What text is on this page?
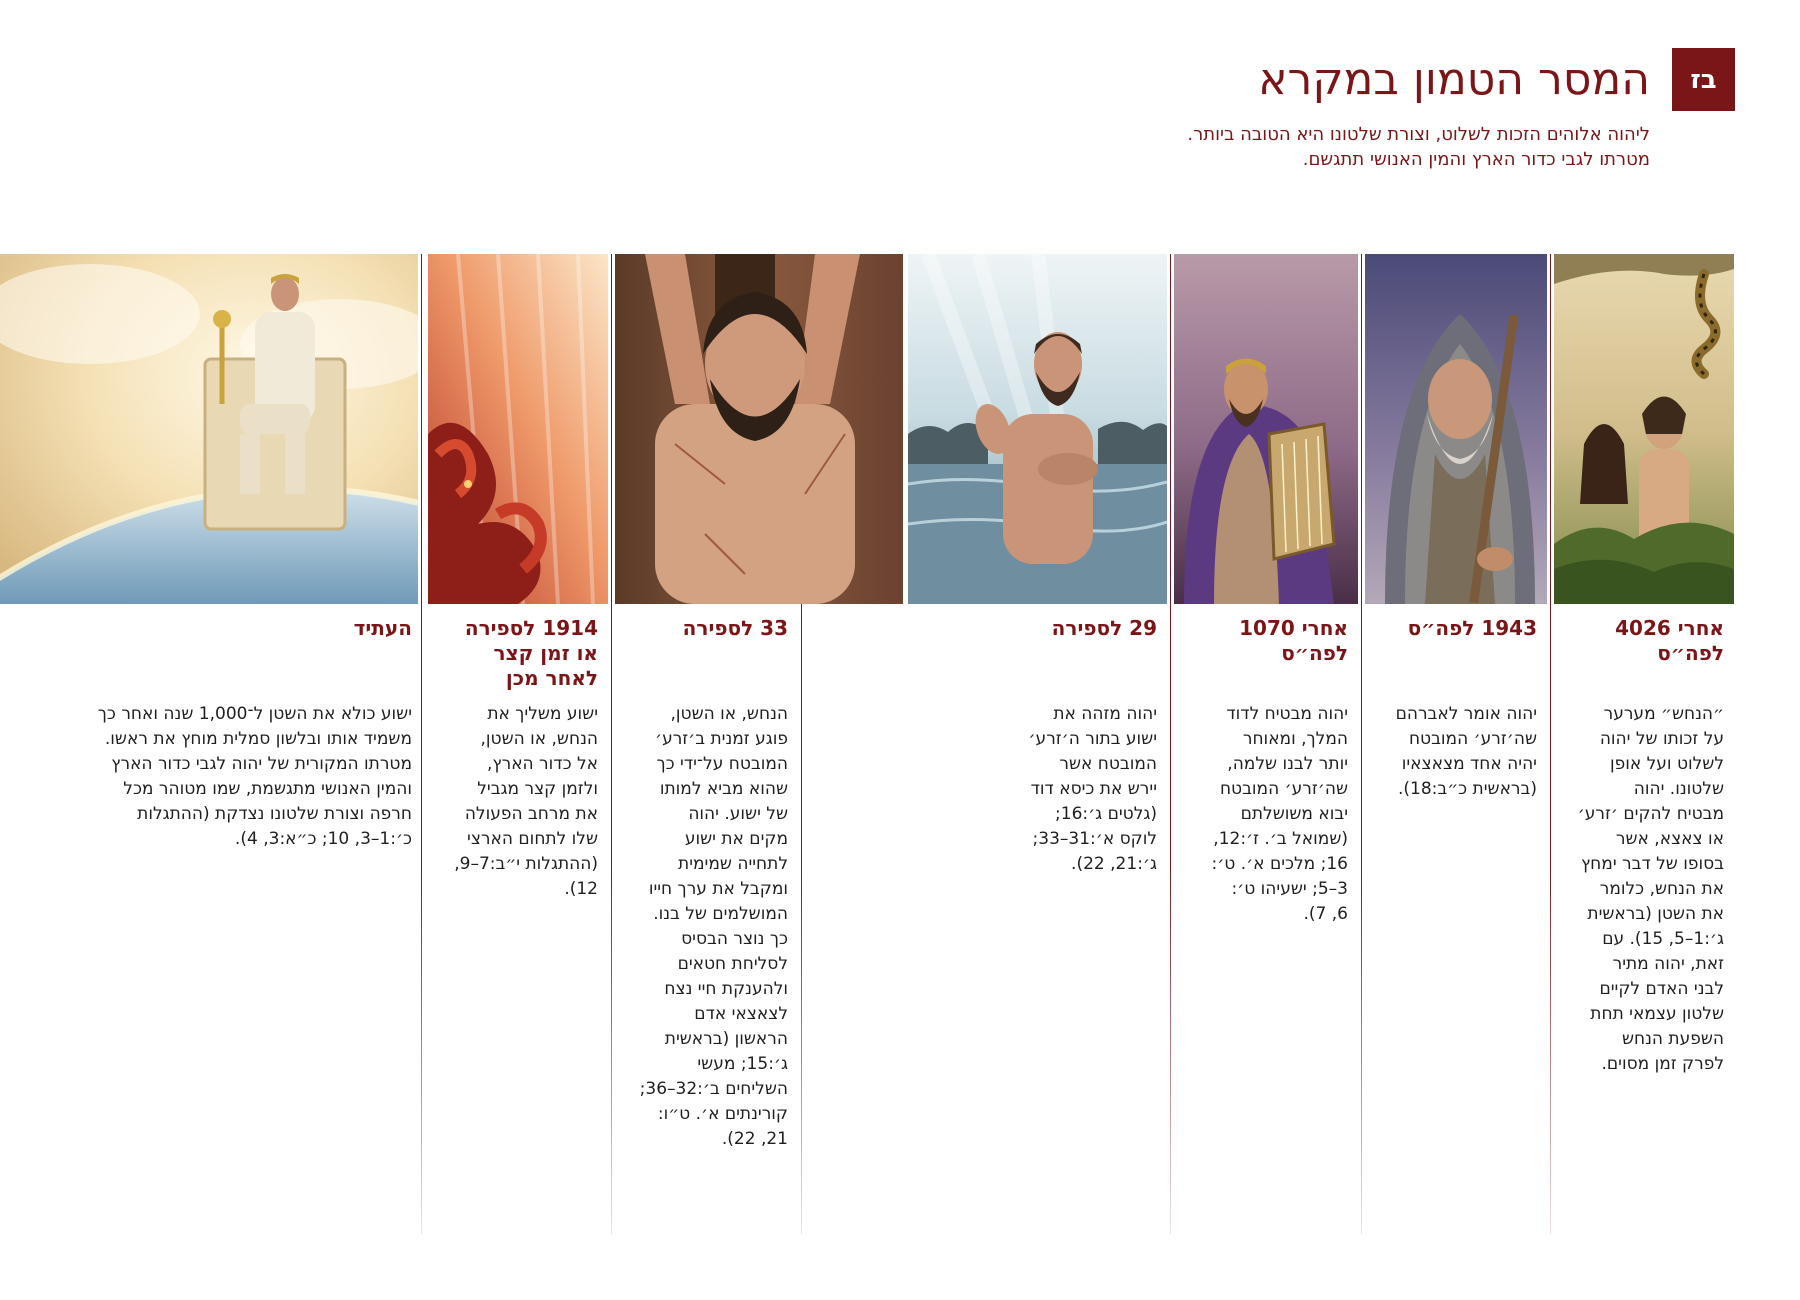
בז
המסר הטמון במקרא
ליהוה אלוהים הזכות לשלוט, וצורת שלטונו היא הטובה ביותר.
מטרתו לגבי כדור הארץ והמין האנושי תתגשם.

אחרי 4026
לפה״ס

״הנחש״ מערער
על זכותו של יהוה
לשלוט ועל אופן
שלטונו. יהוה
מבטיח להקים ׳זרע׳
או צאצא, אשר
בסופו של דבר ימחץ
את הנחש, כלומר
את השטן (בראשית
ג׳:1–5, 15). עם
זאת, יהוה מתיר
לבני האדם לקיים
שלטון עצמאי תחת
השפעת הנחש
לפרק זמן מסוים.

1943 לפה״ס

יהוה אומר לאברהם
שה׳זרע׳ המובטח
יהיה אחד מצאצאיו
(בראשית כ״ב:18).

אחרי 1070
לפה״ס

יהוה מבטיח לדוד
המלך, ומאוחר
יותר לבנו שלמה,
שה׳זרע׳ המובטח
יבוא משושלתם
(שמואל ב׳. ז׳:12,
16; מלכים א׳. ט׳:
3–5; ישעיהו ט׳:
6, 7).

29 לספירה

יהוה מזהה את
ישוע בתור ה׳זרע׳
המובטח אשר
יירש את כיסא דוד
(גלטים ג׳:16;
לוקס א׳:31–33;
ג׳:21, 22).

33 לספירה

הנחש, או השטן,
פוגע זמנית ב׳זרע׳
המובטח על־ידי כך
שהוא מביא למותו
של ישוע. יהוה
מקים את ישוע
לתחייה שמימית
ומקבל את ערך חייו
המושלמים של בנו.
כך נוצר הבסיס
לסליחת חטאים
ולהענקת חיי נצח
לצאצאי אדם
הראשון (בראשית
ג׳:15; מעשי
השליחים ב׳:32–36;
קורינתים א׳. ט״ו:
21, 22).

1914 לספירה
או זמן קצר
לאחר מכן

ישוע משליך את
הנחש, או השטן,
אל כדור הארץ,
ולזמן קצר מגביל
את מרחב הפעולה
שלו לתחום הארצי
(ההתגלות י״ב:7–9,
12).

העתיד

ישוע כולא את השטן ל־1,000 שנה ואחר כך
משמיד אותו ובלשון סמלית מוחץ את ראשו.
מטרתו המקורית של יהוה לגבי כדור הארץ
והמין האנושי מתגשמת, שמו מטוהר מכל
חרפה וצורת שלטונו נצדקת (ההתגלות
כ׳:1–3, 10; כ״א:3, 4).
